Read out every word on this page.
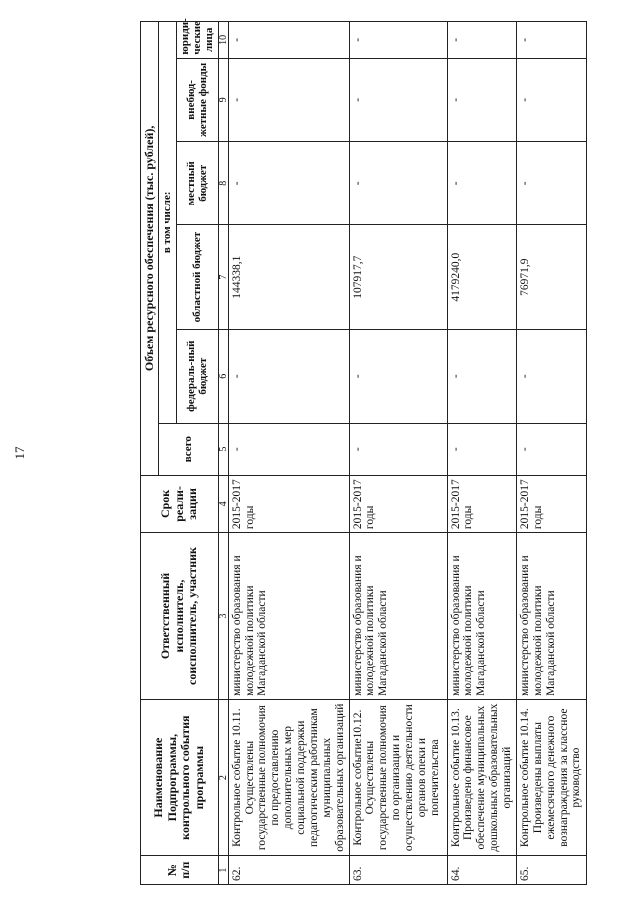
17
№ п/п	Наименование Подпрограммы, контрольного события программы	Ответственный исполнитель, соисполнитель, участник	Срок реали-зации	Объем ресурсного обеспечения (тыс. рублей),					
				всего	в том числе:				
					федераль-ный бюджет	областной бюджет	местный бюджет	внебюд-жетные фонды	юриди-ческие лица
1	2	3	4	5	6	7	8	9	10
62.	Контрольное событие 10.11. Осуществлены государственные полномочия по предоставлению дополнительных мер социальной поддержки педагогическим работникам муниципальных образовательных организаций	министерство образования и молодежной политики Магаданской области	2015-2017 годы	-	-	144338,1	-	-	-
63.	Контрольное событие10.12. Осуществлены государственные полномочия по организации и осуществлению деятельности органов опеки и попечительства	министерство образования и молодежной политики Магаданской области	2015-2017 годы	-	-	107917,7	-	-	-
64.	Контрольное событие 10.13. Произведено финансовое обеспечение муниципальных дошкольных образовательных организаций	министерство образования и молодежной политики Магаданской области	2015-2017 годы	-	-	4179240,0	-	-	-
65.	Контрольное событие 10.14. Произведены выплаты ежемесячного денежного вознаграждения за классное руководство	министерство образования и молодежной политики Магаданской области	2015-2017 годы	-	-	76971,9	-	-	-
